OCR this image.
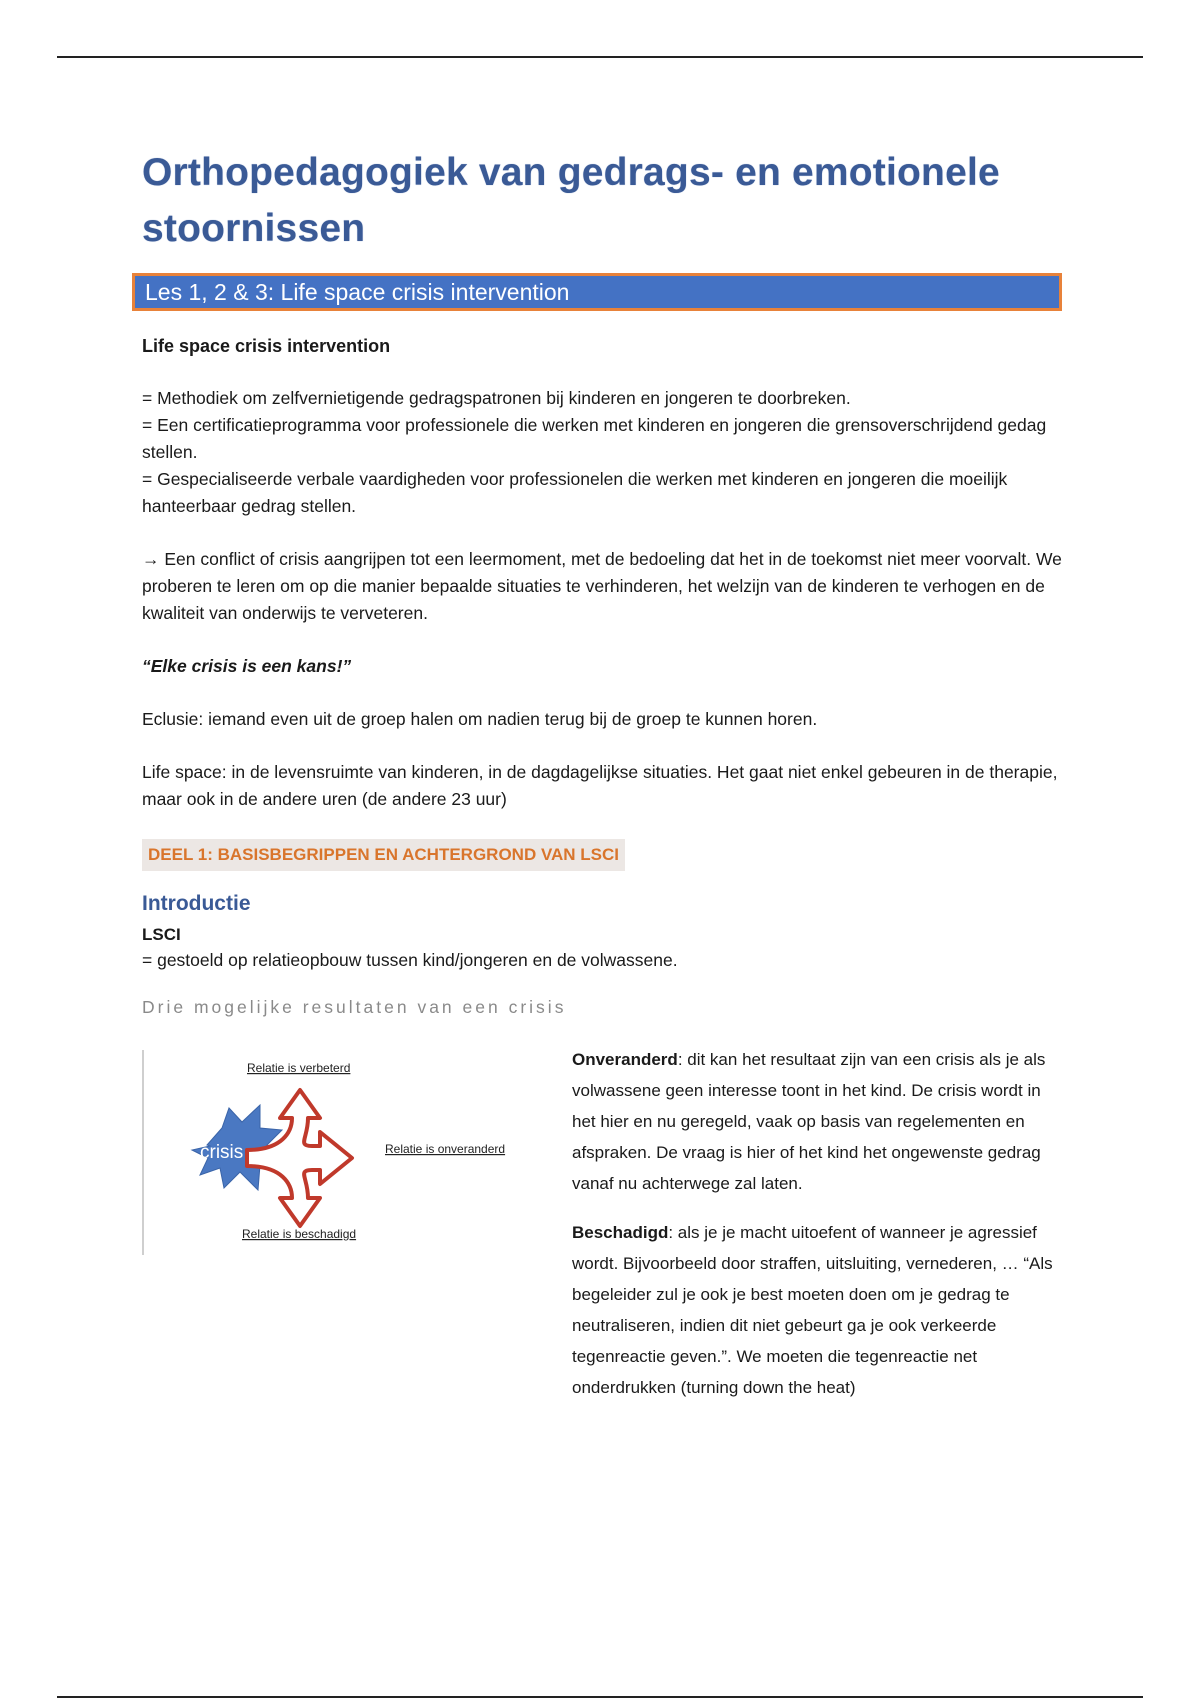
Orthopedagogiek van gedrags- en emotionele stoornissen
Les 1, 2 & 3: Life space crisis intervention

Life space crisis intervention

= Methodiek om zelfvernietigende gedragspatronen bij kinderen en jongeren te doorbreken.

= Een certificatieprogramma voor professionele die werken met kinderen en jongeren die grensoverschrijdend gedag stellen.

= Gespecialiseerde verbale vaardigheden voor professionelen die werken met kinderen en jongeren die moeilijk hanteerbaar gedrag stellen.

→ Een conflict of crisis aangrijpen tot een leermoment, met de bedoeling dat het in de toekomst niet meer voorvalt. We proberen te leren om op die manier bepaalde situaties te verhinderen, het welzijn van de kinderen te verhogen en de kwaliteit van onderwijs te verveteren.

“Elke crisis is een kans!”

Eclusie: iemand even uit de groep halen om nadien terug bij de groep te kunnen horen.

Life space: in de levensruimte van kinderen, in de dagdagelijkse situaties. Het gaat niet enkel gebeuren in de therapie, maar ook in de andere uren (de andere 23 uur)

DEEL 1: BASISBEGRIPPEN EN ACHTERGROND VAN LSCI

Introductie

LSCI

= gestoeld op relatieopbouw tussen kind/jongeren en de volwassene.

Drie mogelijke resultaten van een crisis

crisis
Relatie is verbeterd
Relatie is onveranderd
Relatie is beschadigd

Onveranderd: dit kan het resultaat zijn van een crisis als je als volwassene geen interesse toont in het kind. De crisis wordt in het hier en nu geregeld, vaak op basis van regelementen en afspraken. De vraag is hier of het kind het ongewenste gedrag vanaf nu achterwege zal laten.

Beschadigd: als je je macht uitoefent of wanneer je agressief wordt. Bijvoorbeeld door straffen, uitsluiting, vernederen, … “Als begeleider zul je ook je best moeten doen om je gedrag te neutraliseren, indien dit niet gebeurt ga je ook verkeerde tegenreactie geven.”. We moeten die tegenreactie net onderdrukken (turning down the heat)
